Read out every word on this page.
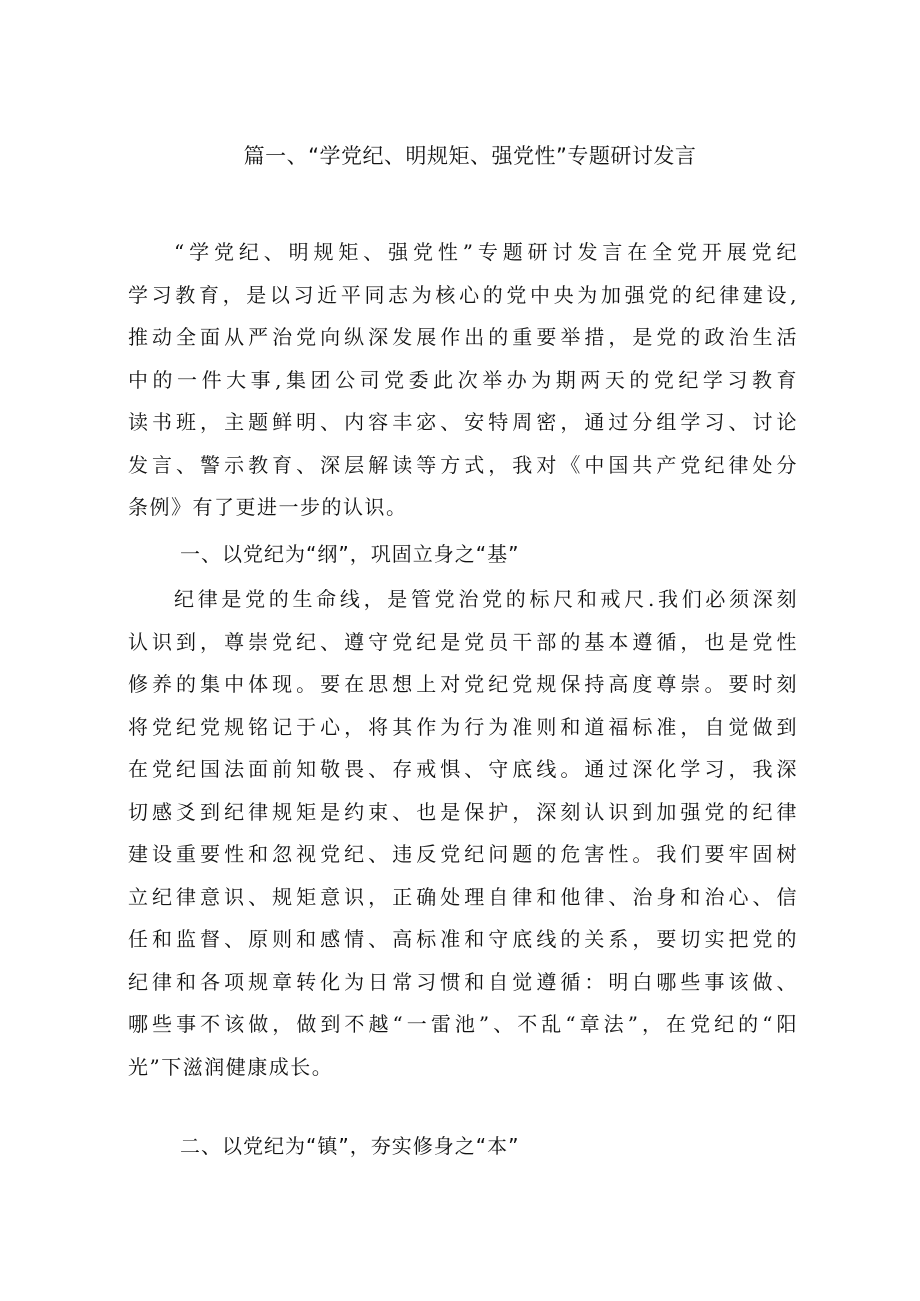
篇一、“学党纪、明规矩、强党性”专题研讨发言
“学党纪、明规矩、强党性”专题研讨发言在全党开展党纪
学习教育，是以习近平同志为核心的党中央为加强党的纪律建设,
推动全面从严治党向纵深发展作出的重要举措，是党的政治生活
中的一件大事,集团公司党委此次举办为期两天的党纪学习教育
读书班，主题鲜明、内容丰宓、安特周密，通过分组学习、讨论
发言、警示教育、深层解读等方式，我对《中国共产党纪律处分
条例》有了更进一步的认识。
一、以党纪为“纲”，巩固立身之“基”
纪律是党的生命线，是管党治党的标尺和戒尺.我们必须深刻
认识到，尊崇党纪、遵守党纪是党员干部的基本遵循，也是党性
修养的集中体现。要在思想上对党纪党规保持高度尊崇。要时刻
将党纪党规铭记于心，将其作为行为准则和道福标准，自觉做到
在党纪国法面前知敬畏、存戒惧、守底线。通过深化学习，我深
切感爻到纪律规矩是约束、也是保护，深刻认识到加强党的纪律
建设重要性和忽视党纪、违反党纪问题的危害性。我们要牢固树
立纪律意识、规矩意识，正确处理自律和他律、治身和治心、信
任和监督、原则和感情、高标准和守底线的关系，要切实把党的
纪律和各项规章转化为日常习惯和自觉遵循：明白哪些事该做、
哪些事不该做，做到不越“一雷池”、不乱“章法”，在党纪的“阳
光”下滋润健康成长。
二、以党纪为“镇”，夯实修身之“本”
